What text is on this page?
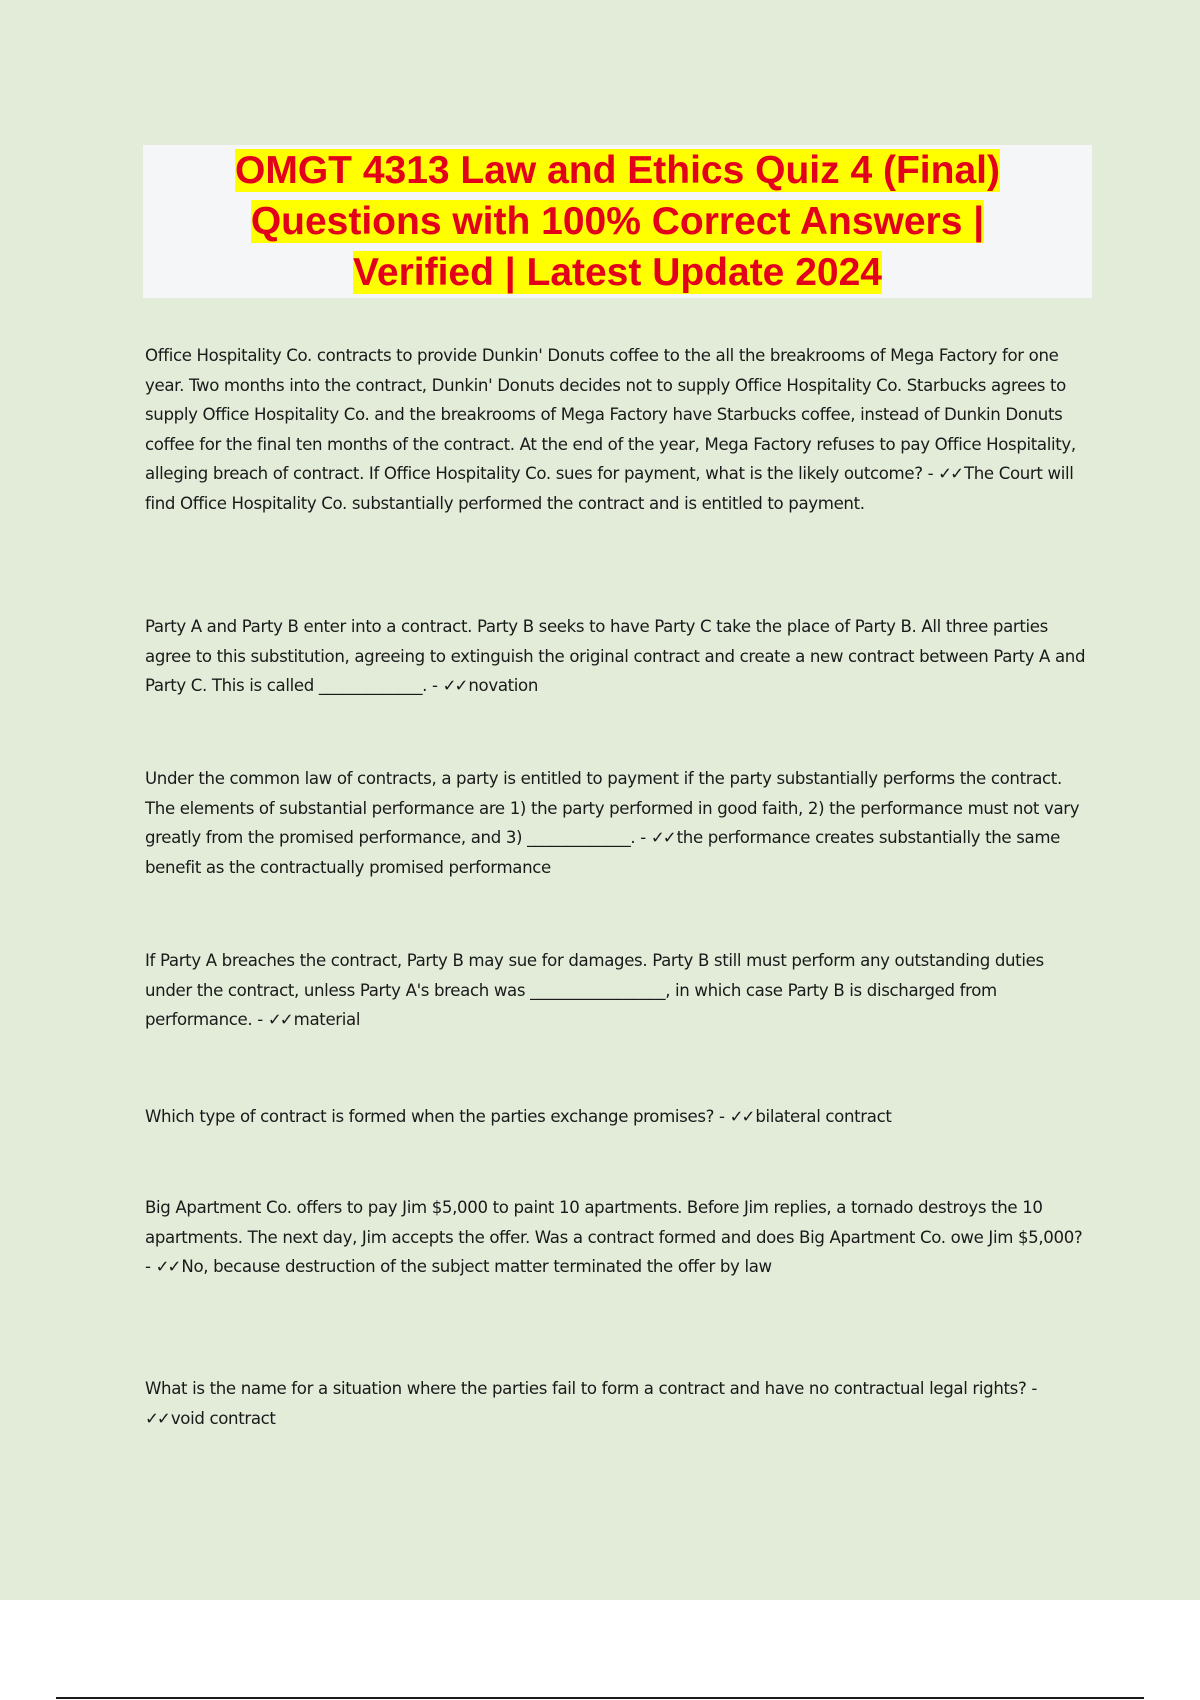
OMGT 4313 Law and Ethics Quiz 4 (Final)
Questions with 100% Correct Answers |
Verified | Latest Update 2024

Office Hospitality Co. contracts to provide Dunkin' Donuts coffee to the all the breakrooms of Mega Factory for one year. Two months into the contract, Dunkin' Donuts decides not to supply Office Hospitality Co. Starbucks agrees to supply Office Hospitality Co. and the breakrooms of Mega Factory have Starbucks coffee, instead of Dunkin Donuts coffee for the final ten months of the contract. At the end of the year, Mega Factory refuses to pay Office Hospitality, alleging breach of contract. If Office Hospitality Co. sues for payment, what is the likely outcome? - ✓✓ The Court will find Office Hospitality Co. substantially performed the contract and is entitled to payment.

Party A and Party B enter into a contract. Party B seeks to have Party C take the place of Party B. All three parties agree to this substitution, agreeing to extinguish the original contract and create a new contract between Party A and Party C. This is called _____________. - ✓✓ novation

Under the common law of contracts, a party is entitled to payment if the party substantially performs the contract. The elements of substantial performance are 1) the party performed in good faith, 2) the performance must not vary greatly from the promised performance, and 3) _____________. - ✓✓ the performance creates substantially the same benefit as the contractually promised performance

If Party A breaches the contract, Party B may sue for damages. Party B still must perform any outstanding duties under the contract, unless Party A's breach was _________________, in which case Party B is discharged from performance. - ✓✓ material

Which type of contract is formed when the parties exchange promises? - ✓✓ bilateral contract

Big Apartment Co. offers to pay Jim $5,000 to paint 10 apartments. Before Jim replies, a tornado destroys the 10 apartments. The next day, Jim accepts the offer. Was a contract formed and does Big Apartment Co. owe Jim $5,000? - ✓✓ No, because destruction of the subject matter terminated the offer by law

What is the name for a situation where the parties fail to form a contract and have no contractual legal rights? - ✓✓ void contract
